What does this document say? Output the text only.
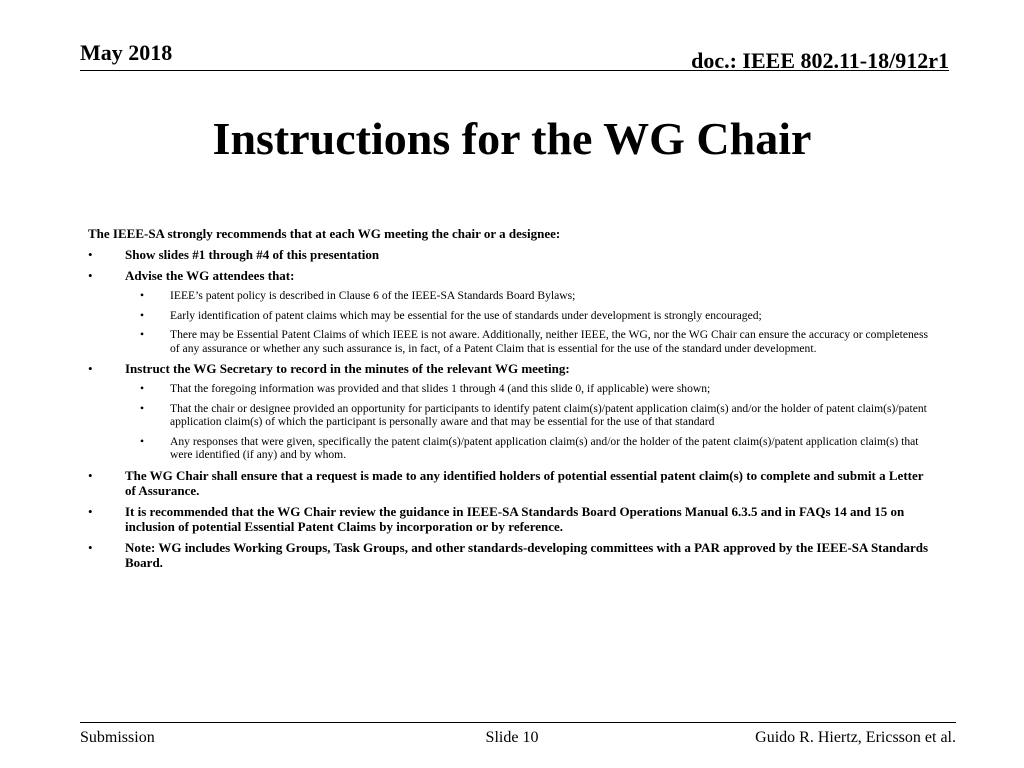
May 2018	doc.: IEEE 802.11-18/912r1
Instructions for the WG Chair
The IEEE-SA strongly recommends that at each WG meeting the chair or a designee:
• Show slides #1 through #4 of this presentation
• Advise the WG attendees that:
• IEEE’s patent policy is described in Clause 6 of the IEEE-SA Standards Board Bylaws;
• Early identification of patent claims which may be essential for the use of standards under development is strongly encouraged;
• There may be Essential Patent Claims of which IEEE is not aware. Additionally, neither IEEE, the WG, nor the WG Chair can ensure the accuracy or completeness of any assurance or whether any such assurance is, in fact, of a Patent Claim that is essential for the use of the standard under development.
• Instruct the WG Secretary to record in the minutes of the relevant WG meeting:
• That the foregoing information was provided and that slides 1 through 4 (and this slide 0, if applicable) were shown;
• That the chair or designee provided an opportunity for participants to identify patent claim(s)/patent application claim(s) and/or the holder of patent claim(s)/patent application claim(s) of which the participant is personally aware and that may be essential for the use of that standard
• Any responses that were given, specifically the patent claim(s)/patent application claim(s) and/or the holder of the patent claim(s)/patent application claim(s) that were identified (if any) and by whom.
• The WG Chair shall ensure that a request is made to any identified holders of potential essential patent claim(s) to complete and submit a Letter of Assurance.
• It is recommended that the WG Chair review the guidance in IEEE-SA Standards Board Operations Manual 6.3.5 and in FAQs 14 and 15 on inclusion of potential Essential Patent Claims by incorporation or by reference.
• Note: WG includes Working Groups, Task Groups, and other standards-developing committees with a PAR approved by the IEEE-SA Standards Board.
Submission	Slide 10	Guido R. Hiertz, Ericsson et al.
